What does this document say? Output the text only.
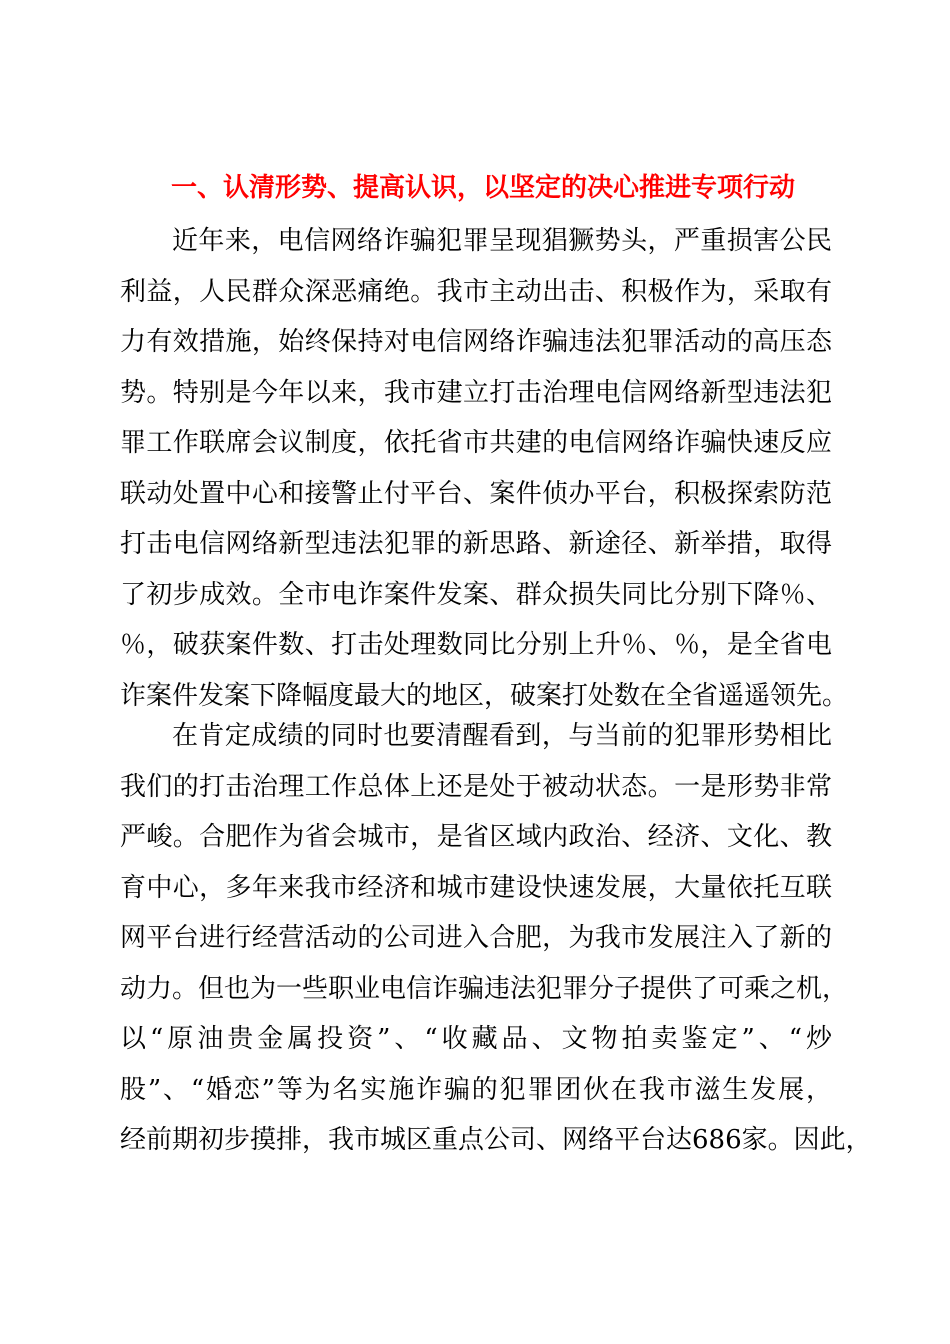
一、认清形势、提高认识，以坚定的决心推进专项行动
近年来，电信网络诈骗犯罪呈现猖獗势头，严重损害公民
利益，人民群众深恶痛绝。我市主动出击、积极作为，采取有
力有效措施，始终保持对电信网络诈骗违法犯罪活动的高压态
势。特别是今年以来，我市建立打击治理电信网络新型违法犯
罪工作联席会议制度，依托省市共建的电信网络诈骗快速反应
联动处置中心和接警止付平台、案件侦办平台，积极探索防范
打击电信网络新型违法犯罪的新思路、新途径、新举措，取得
了初步成效。全市电诈案件发案、群众损失同比分别下降％、
％，破获案件数、打击处理数同比分别上升％、％，是全省电
诈案件发案下降幅度最大的地区，破案打处数在全省遥遥领先。
在肯定成绩的同时也要清醒看到，与当前的犯罪形势相比
我们的打击治理工作总体上还是处于被动状态。一是形势非常
严峻。合肥作为省会城市，是省区域内政治、经济、文化、教
育中心，多年来我市经济和城市建设快速发展，大量依托互联
网平台进行经营活动的公司进入合肥，为我市发展注入了新的
动力。但也为一些职业电信诈骗违法犯罪分子提供了可乘之机，
以“原油贵金属投资”、“收藏品、文物拍卖鉴定”、“炒
股”、“婚恋”等为名实施诈骗的犯罪团伙在我市滋生发展，
经前期初步摸排，我市城区重点公司、网络平台达686家。因此，
